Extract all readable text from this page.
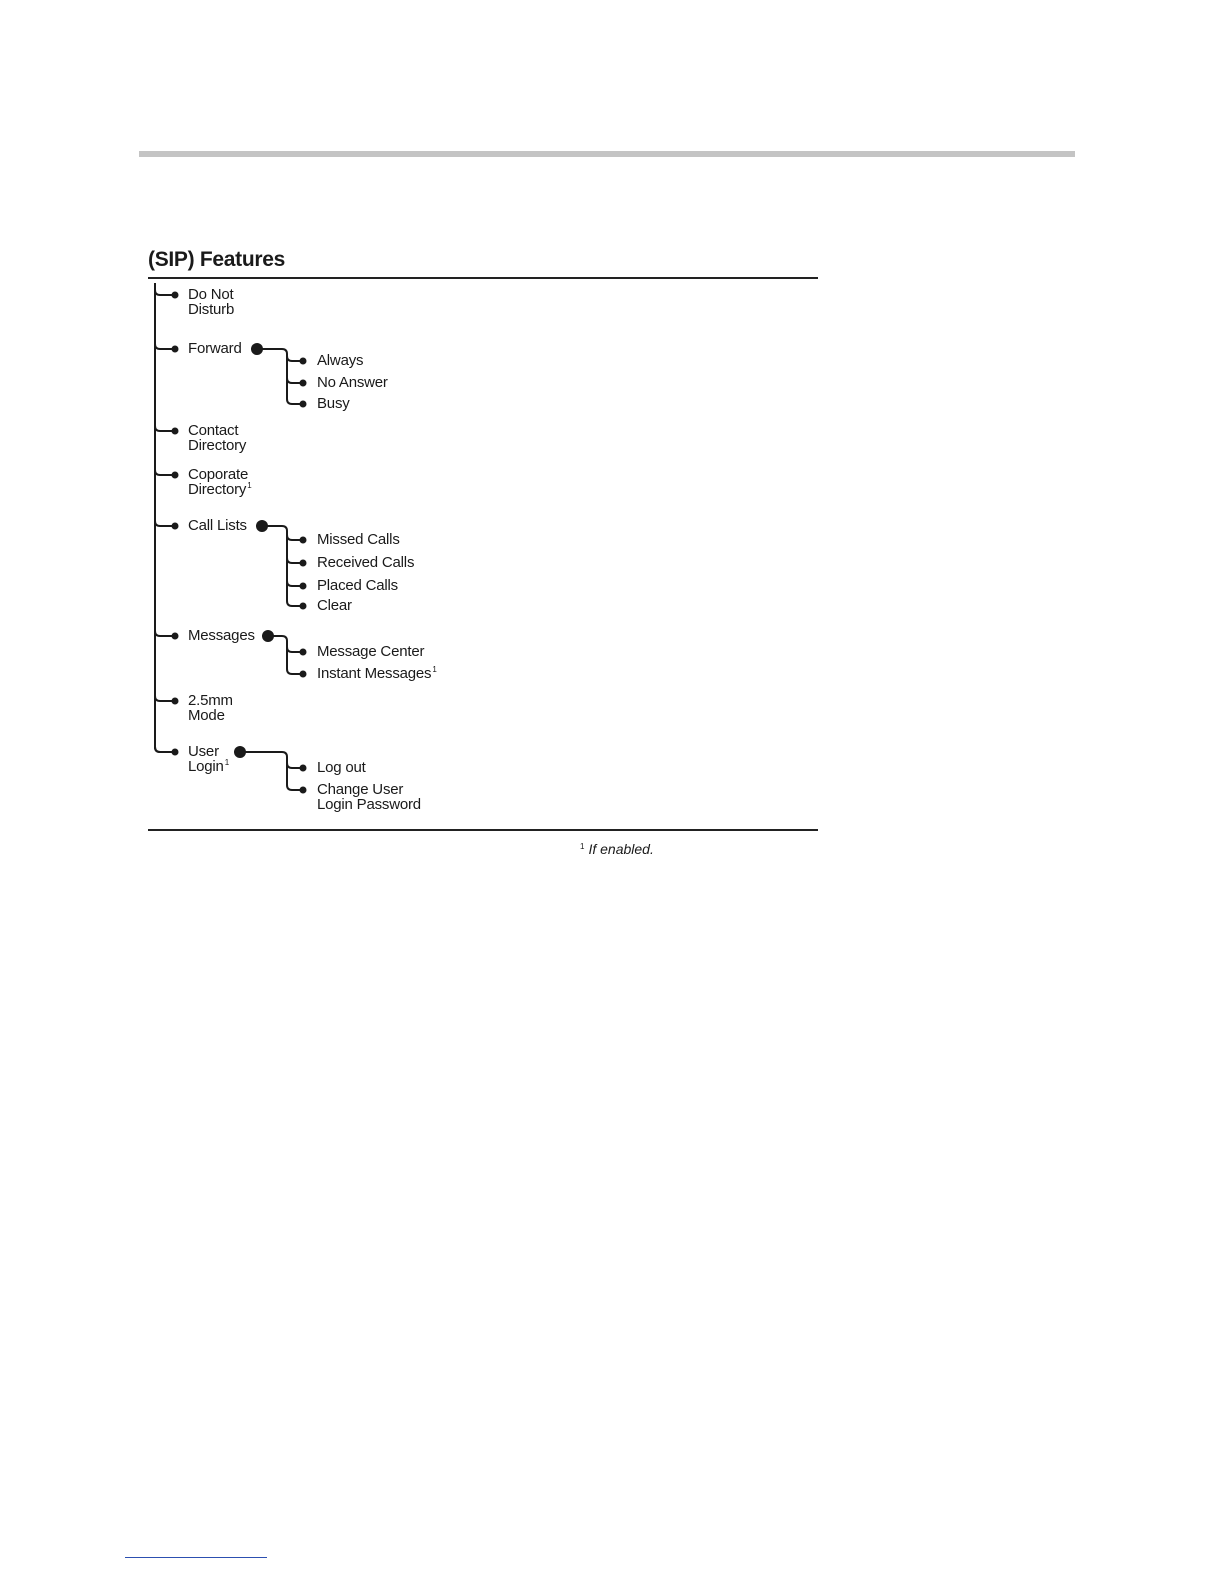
(SIP) Features
Do Not
Disturb
Forward
Always
No Answer
Busy
Contact
Directory
Coporate
Directory$^1$
Call Lists
Missed Calls
Received Calls
Placed Calls
Clear
Messages
Message Center
Instant Messages$^1$
2.5mm
Mode
User
Login$^1$	Log out
Change User
Login Password
$^1$ If enabled.
